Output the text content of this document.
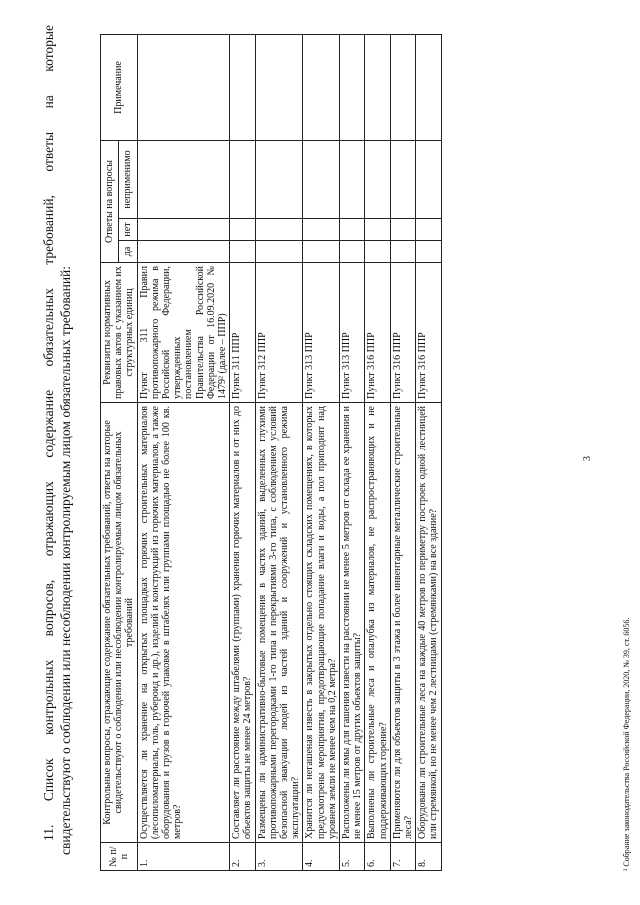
3
11. Список контрольных вопросов, отражающих содержание обязательных требований, ответы на которые свидетельствуют о соблюдении или несоблюдении контролируемым лицом обязательных требований:
№ п/п	Контрольные вопросы, отражающие содержание обязательных требований, ответы на которые свидетельствуют о соблюдении или несоблюдении контролируемым лицом обязательных требований	Реквизиты нормативных правовых актов с указанием их структурных единиц	Ответы на вопросы			Примечание
			да	нет	неприменимо	
1.	Осуществляется ли хранение на открытых площадках горючих строительных материалов (лесопиломатериалы, толь, рубероид и др.), изделий и конструкций из горючих материалов, а также оборудования и грузов в горючей упаковке в штабелях или группами площадью не более 100 кв. метров?	Пункт 311 Правил противопожарного режима в Российской Федерации, утвержденных постановлением Правительства Российской Федерации от 16.09.2020 № 1479² (далее – ППР)				
2.	Составляет ли расстояние между штабелями (группами) хранения горючих материалов и от них до объектов защиты не менее 24 метров?	Пункт 311 ППР				
3.	Размещены ли административно-бытовые помещения в частях зданий, выделенных глухими противопожарными перегородками 1-го типа и перекрытиями 3-го типа, с соблюдением условий безопасной эвакуации людей из частей зданий и сооружений и установленного режима эксплуатации?	Пункт 312 ППР				
4.	Хранится ли негашеная известь в закрытых отдельно стоящих складских помещениях, в которых предусмотрены мероприятия, предотвращающие попадание влаги и воды, а пол приподнят над уровнем земли не менее чем на 0,2 метра?	Пункт 313 ППР				
5.	Расположены ли ямы для гашения извести на расстоянии не менее 5 метров от склада ее хранения и не менее 15 метров от других объектов защиты?	Пункт 313 ППР				
6.	Выполнены ли строительные леса и опалубка из материалов, не распространяющих и не поддерживающих горение?	Пункт 316 ППР				
7.	Применяются ли для объектов защиты в 3 этажа и более инвентарные металлические строительные леса?	Пункт 316 ППР				
8.	Оборудованы ли строительные леса на каждые 40 метров по периметру построек одной лестницей или стремянкой, но не менее чем 2 лестницами (стремянками) на все здание?	Пункт 316 ППР				
² Собрание законодательства Российской Федерации, 2020, № 39, ст. 6056.
